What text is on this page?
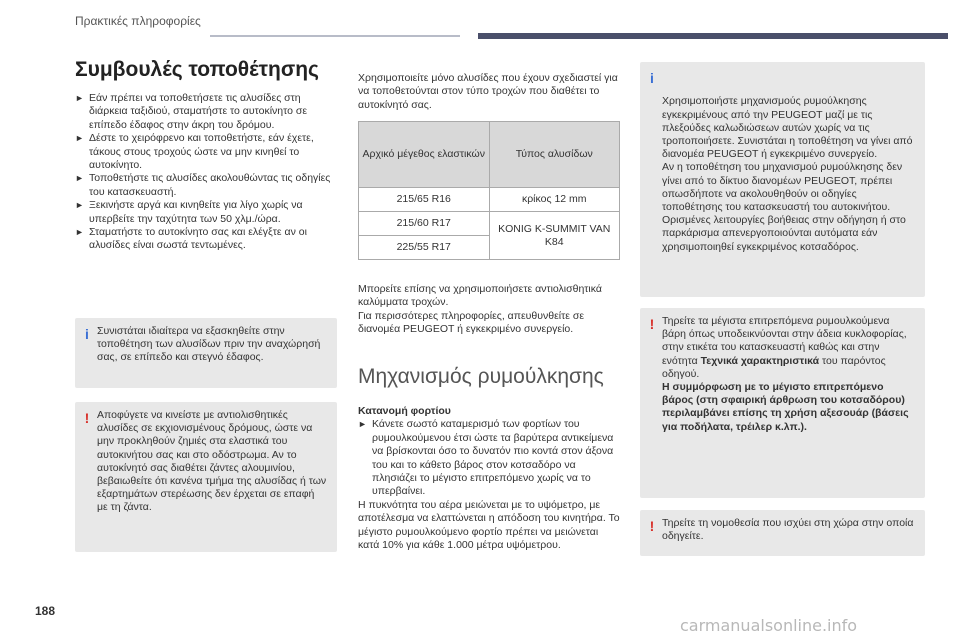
Πρακτικές πληροφορίες
Συμβουλές τοποθέτησης
► Εάν πρέπει να τοποθετήσετε τις αλυσίδες στη διάρκεια ταξιδιού, σταματήστε το αυτοκίνητο σε επίπεδο έδαφος στην άκρη του δρόμου.
► Δέστε το χειρόφρενο και τοποθετήστε, εάν έχετε, τάκους στους τροχούς ώστε να μην κινηθεί το αυτοκίνητο.
► Τοποθετήστε τις αλυσίδες ακολουθώντας τις οδηγίες του κατασκευαστή.
► Ξεκινήστε αργά και κινηθείτε για λίγο χωρίς να υπερβείτε την ταχύτητα των 50 χλμ./ώρα.
► Σταματήστε το αυτοκίνητο σας και ελέγξτε αν οι αλυσίδες είναι σωστά τεντωμένες.
i Συνιστάται ιδιαίτερα να εξασκηθείτε στην τοποθέτηση των αλυσίδων πριν την αναχώρησή σας, σε επίπεδο και στεγνό έδαφος.
! Αποφύγετε να κινείστε με αντιολισθητικές αλυσίδες σε εκχιονισμένους δρόμους, ώστε να μην προκληθούν ζημιές στα ελαστικά του αυτοκινήτου σας και στο οδόστρωμα. Αν το αυτοκίνητό σας διαθέτει ζάντες αλουμινίου, βεβαιωθείτε ότι κανένα τμήμα της αλυσίδας ή των εξαρτημάτων στερέωσης δεν έρχεται σε επαφή με τη ζάντα.
Χρησιμοποιείτε μόνο αλυσίδες που έχουν σχεδιαστεί για να τοποθετούνται στον τύπο τροχών που διαθέτει το αυτοκίνητό σας.
Αρχικό μέγεθος ελαστικών	Τύπος αλυσίδων
215/65 R16	κρίκος 12 mm
215/60 R17	KONIG K-SUMMIT VAN K84
225/55 R17	
Μπορείτε επίσης να χρησιμοποιήσετε αντιολισθητικά καλύμματα τροχών.
Για περισσότερες πληροφορίες, απευθυνθείτε σε διανομέα PEUGEOT ή εγκεκριμένο συνεργείο.
Μηχανισμός ρυμούλκησης
Κατανομή φορτίου
► Κάνετε σωστό καταμερισμό των φορτίων του ρυμουλκούμενου έτσι ώστε τα βαρύτερα αντικείμενα να βρίσκονται όσο το δυνατόν πιο κοντά στον άξονα του και το κάθετο βάρος στον κοτσαδόρο να πλησιάζει το μέγιστο επιτρεπόμενο χωρίς να το υπερβαίνει.
Η πυκνότητα του αέρα μειώνεται με το υψόμετρο, με αποτέλεσμα να ελαττώνεται η απόδοση του κινητήρα. Το μέγιστο ρυμουλκούμενο φορτίο πρέπει να μειώνεται κατά 10% για κάθε 1.000 μέτρα υψόμετρου.

i

Χρησιμοποιήστε μηχανισμούς ρυμούλκησης εγκεκριμένους από την PEUGEOT μαζί με τις πλεξούδες καλωδιώσεων αυτών χωρίς να τις τροποποιήσετε. Συνιστάται η τοποθέτηση να γίνει από διανομέα PEUGEOT ή εγκεκριμένο συνεργείο.
Αν η τοποθέτηση του μηχανισμού ρυμούλκησης δεν γίνει από το δίκτυο διανομέων PEUGEOT, πρέπει οπωσδήποτε να ακολουθηθούν οι οδηγίες τοποθέτησης του κατασκευαστή του αυτοκινήτου.
Ορισμένες λειτουργίες βοήθειας στην οδήγηση ή στο παρκάρισμα απενεργοποιούνται αυτόματα εάν χρησιμοποιηθεί εγκεκριμένος κοτσαδόρος.

! Τηρείτε τα μέγιστα επιτρεπόμενα ρυμουλκούμενα βάρη όπως υποδεικνύονται στην άδεια κυκλοφορίας, στην ετικέτα του κατασκευαστή καθώς και στην ενότητα Τεχνικά χαρακτηριστικά του παρόντος οδηγού.
Η συμμόρφωση με το μέγιστο επιτρεπόμενο βάρος (στη σφαιρική άρθρωση του κοτσαδόρου) περιλαμβάνει επίσης τη χρήση αξεσουάρ (βάσεις για ποδήλατα, τρέιλερ κ.λπ.).
! Τηρείτε τη νομοθεσία που ισχύει στη χώρα στην οποία οδηγείτε.
188
carmanualsonline.info
